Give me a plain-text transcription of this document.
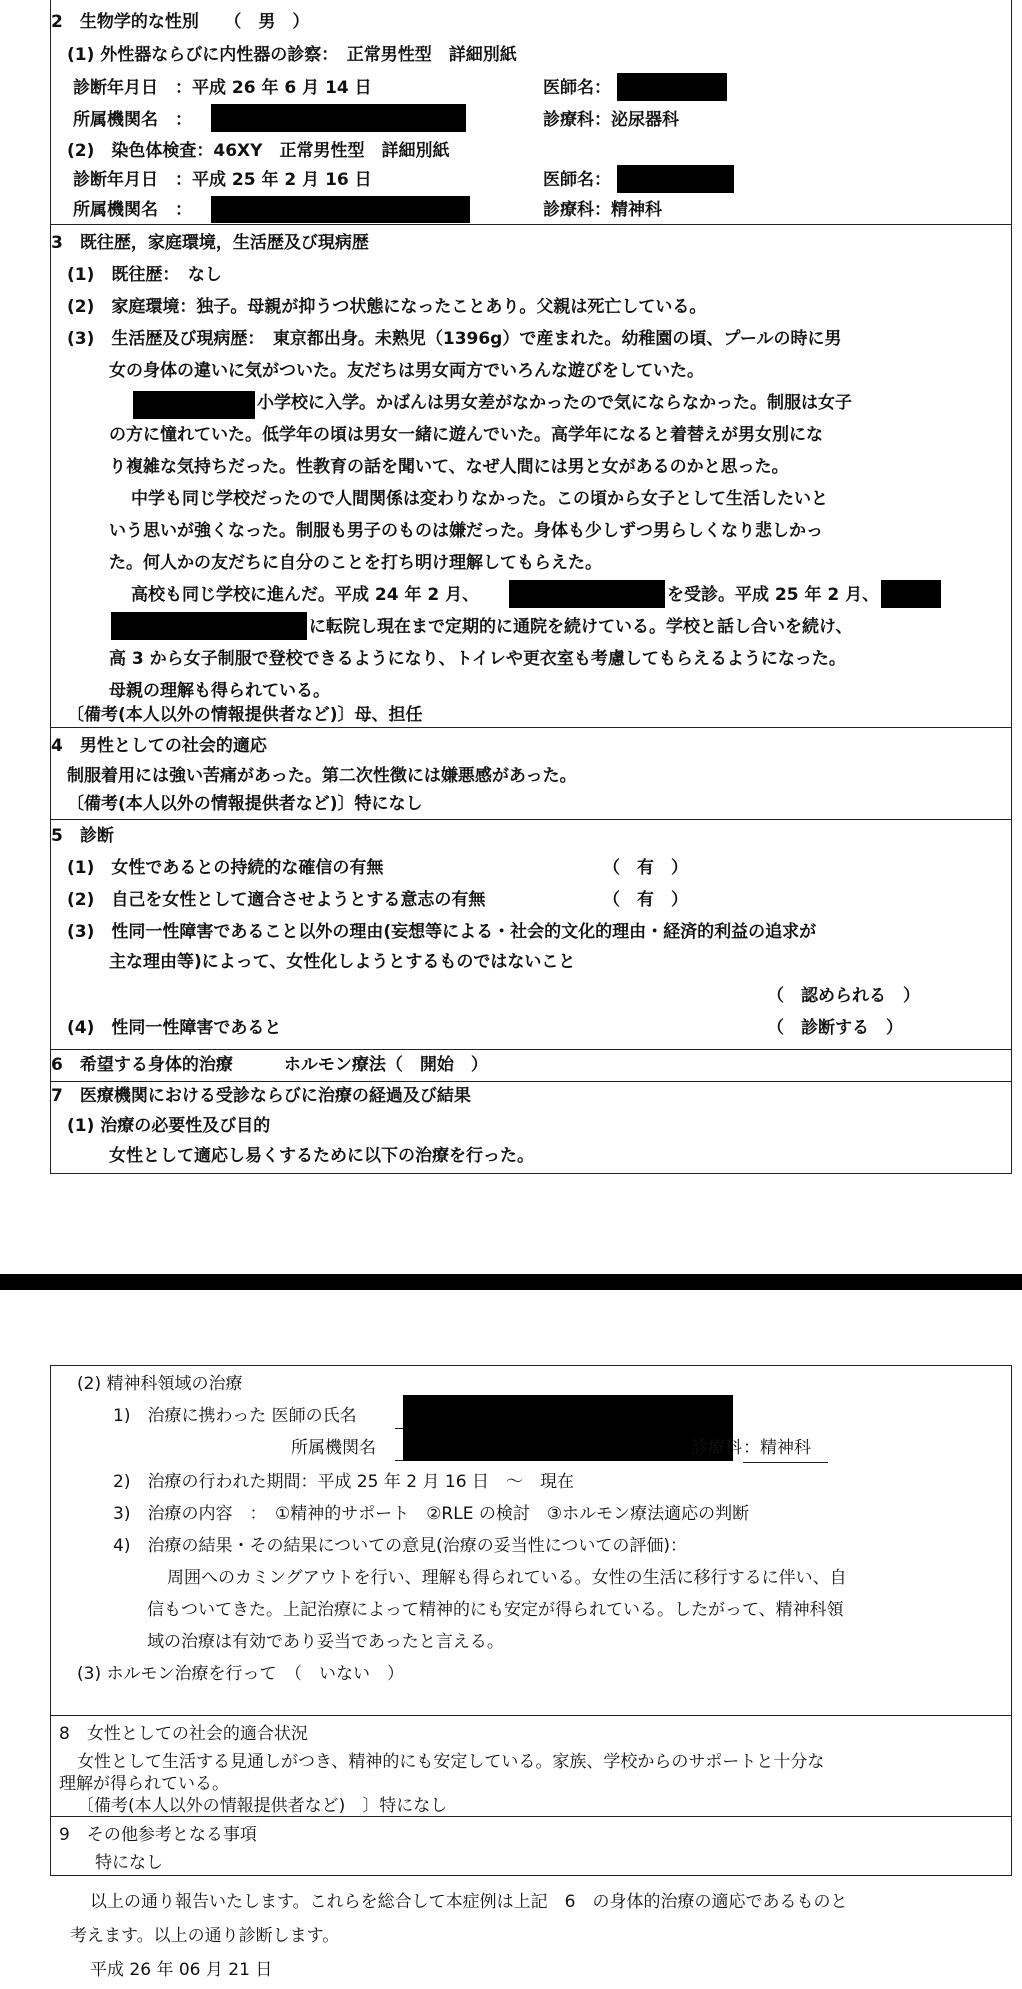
2　生物学的な性別　　（　男　）
(1) 外性器ならびに内性器の診察：　正常男性型　詳細別紙
診断年月日　：平成 26 年 6 月 14 日	医師名：
所属機関名　：	診療科：泌尿器科
(2)　染色体検査：46XY　正常男性型　詳細別紙
診断年月日　：平成 25 年 2 月 16 日	医師名：
所属機関名　：	診療科：精神科
3　既往歴，家庭環境，生活歴及び現病歴
(1)　既往歴：　なし
(2)　家庭環境：独子。母親が抑うつ状態になったことあり。父親は死亡している。
(3)　生活歴及び現病歴：　東京都出身。未熟児（1396g）で産まれた。幼稚園の頃、プールの時に男
女の身体の違いに気がついた。友だちは男女両方でいろんな遊びをしていた。
小学校に入学。かばんは男女差がなかったので気にならなかった。制服は女子
の方に憧れていた。低学年の頃は男女一緒に遊んでいた。高学年になると着替えが男女別にな
り複雑な気持ちだった。性教育の話を聞いて、なぜ人間には男と女があるのかと思った。
中学も同じ学校だったので人間関係は変わりなかった。この頃から女子として生活したいと
いう思いが強くなった。制服も男子のものは嫌だった。身体も少しずつ男らしくなり悲しかっ
た。何人かの友だちに自分のことを打ち明け理解してもらえた。
高校も同じ学校に進んだ。平成 24 年 2 月、	を受診。平成 25 年 2 月、
に転院し現在まで定期的に通院を続けている。学校と話し合いを続け、
高 3 から女子制服で登校できるようになり、トイレや更衣室も考慮してもらえるようになった。
母親の理解も得られている。
〔備考(本人以外の情報提供者など)〕母、担任
4　男性としての社会的適応
制服着用には強い苦痛があった。第二次性徴には嫌悪感があった。
〔備考(本人以外の情報提供者など)〕特になし
5　診断
(1)　女性であるとの持続的な確信の有無	（　有　）
(2)　自己を女性として適合させようとする意志の有無	（　有　）
(3)　性同一性障害であること以外の理由(妄想等による・社会的文化的理由・経済的利益の追求が
主な理由等)によって、女性化しようとするものではないこと
（　認められる　）
(4)　性同一性障害であると	（　診断する　）
6　希望する身体的治療　　　ホルモン療法（　開始　）
7　医療機関における受診ならびに治療の経過及び結果
(1) 治療の必要性及び目的
女性として適応し易くするために以下の治療を行った。
(2) 精神科領域の治療
1)　治療に携わった 医師の氏名
所属機関名	診療科 ：精神科　
2)　治療の行われた期間：平成 25 年 2 月 16 日　～　現在
3)　治療の内容　：　①精神的サポート　②RLE の検討　③ホルモン療法適応の判断
4)　治療の結果・その結果についての意見(治療の妥当性についての評価)：
周囲へのカミングアウトを行い、理解も得られている。女性の生活に移行するに伴い、自
信もついてきた。上記治療によって精神的にも安定が得られている。したがって、精神科領
域の治療は有効であり妥当であったと言える。
(3) ホルモン治療を行って　（　いない　）
8　女性としての社会的適合状況
女性として生活する見通しがつき、精神的にも安定している。家族、学校からのサポートと十分な
理解が得られている。
〔備考(本人以外の情報提供者など)　〕特になし
9　その他参考となる事項
特になし
以上の通り報告いたします。これらを総合して本症例は上記　6　の身体的治療の適応であるものと
考えます。以上の通り診断します。
平成 26 年 06 月 21 日
